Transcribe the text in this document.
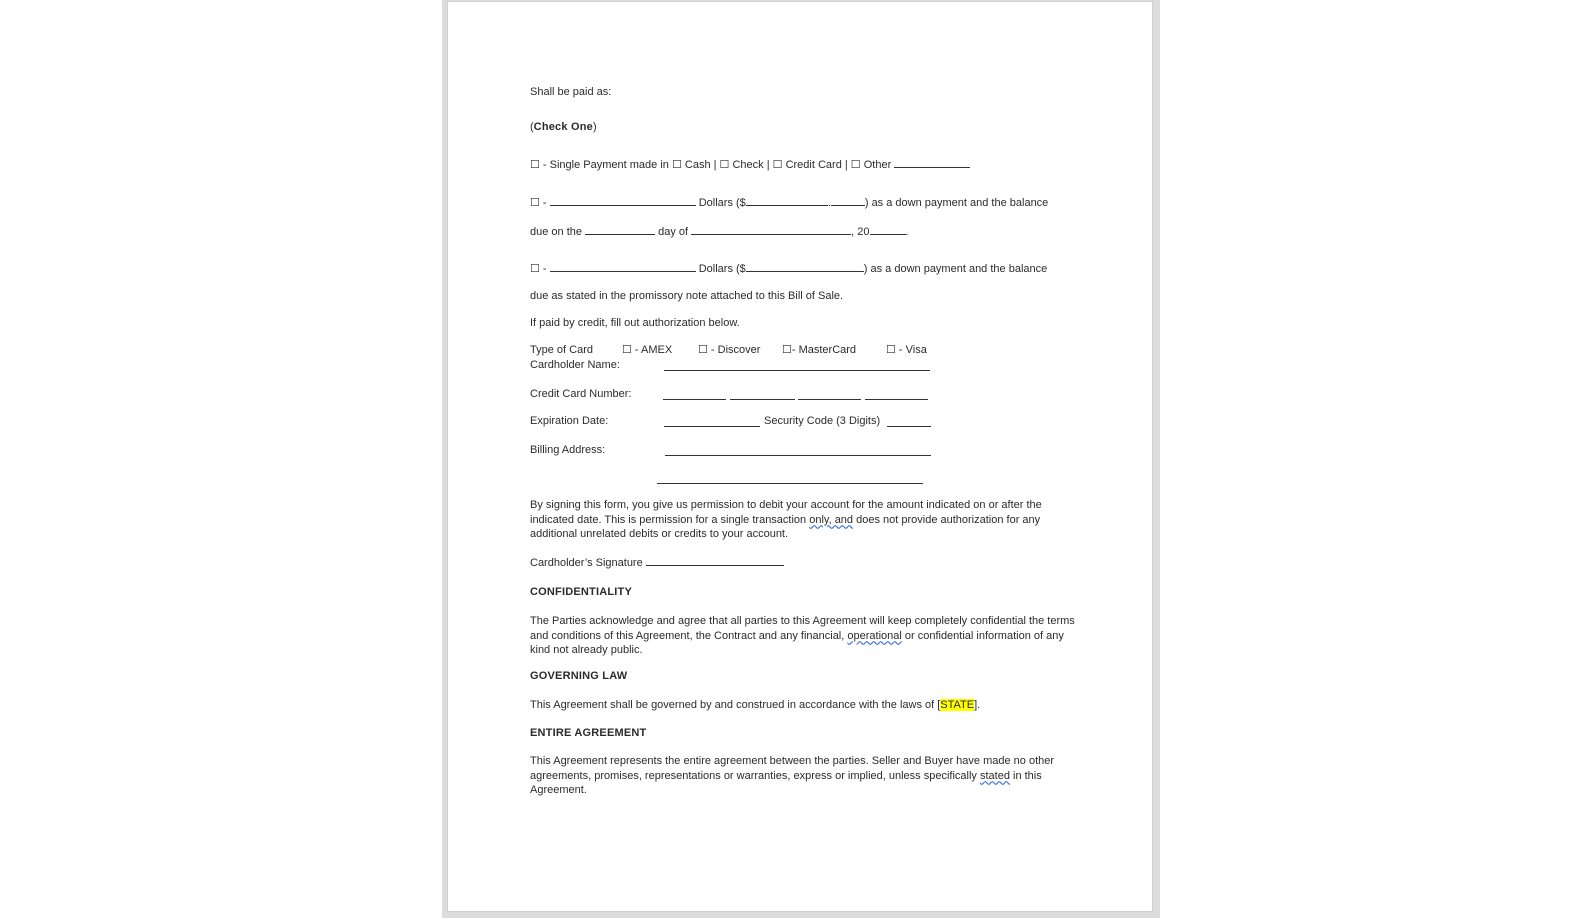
Shall be paid as:
(Check One)
☐ - Single Payment made in ☐ Cash | ☐ Check | ☐ Credit Card | ☐ Other
☐ -	Dollars ($	.	) as a down payment and the balance
due on the	day of	, 20	.
☐ -	Dollars ($	) as a down payment and the balance
due as stated in the promissory note attached to this Bill of Sale.
If paid by credit, fill out authorization below.
Type of Card	☐ - AMEX ☐ - Discover ☐- MasterCard	☐ - Visa
Cardholder Name:
Credit Card Number:
Expiration Date:	Security Code (3 Digits)
Billing Address:
By signing this form, you give us permission to debit your account for the amount indicated on or after the indicated date. This is permission for a single transaction only, and does not provide authorization for any additional unrelated debits or credits to your account.
Cardholder’s Signature
CONFIDENTIALITY
The Parties acknowledge and agree that all parties to this Agreement will keep completely confidential the terms and conditions of this Agreement, the Contract and any financial, operational or confidential information of any kind not already public.
GOVERNING LAW
This Agreement shall be governed by and construed in accordance with the laws of [STATE].
ENTIRE AGREEMENT
This Agreement represents the entire agreement between the parties. Seller and Buyer have made no other agreements, promises, representations or warranties, express or implied, unless specifically stated in this Agreement.
